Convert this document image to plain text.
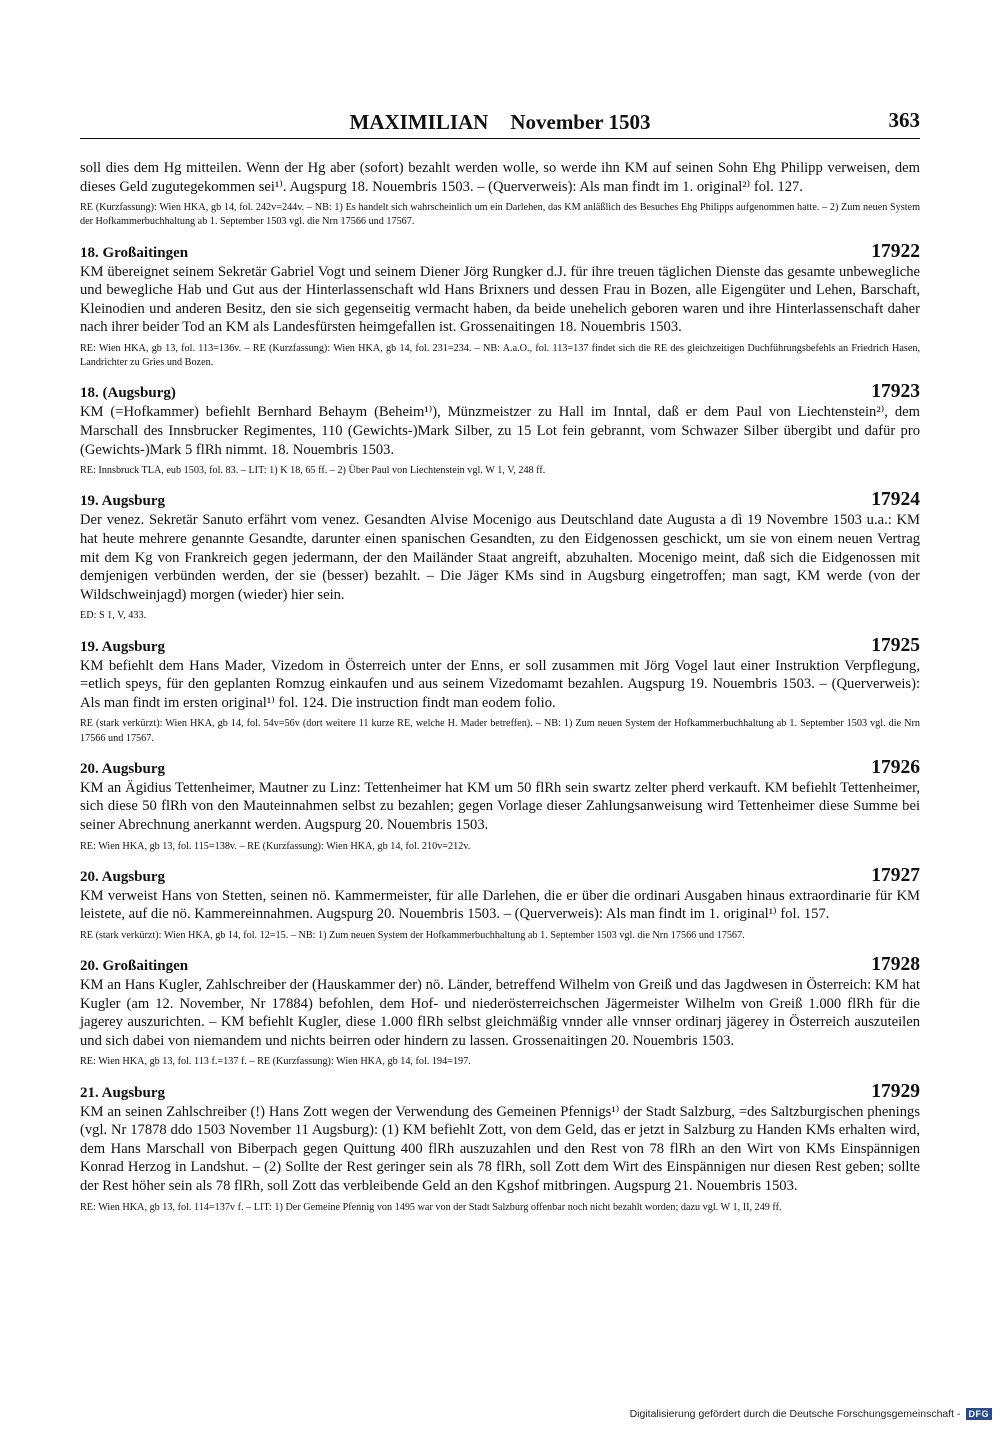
MAXIMILIAN November 1503	363

soll dies dem Hg mitteilen. Wenn der Hg aber (sofort) bezahlt werden wolle, so werde ihn KM auf seinen Sohn Ehg Philipp verweisen, dem dieses Geld zugutegekommen sei¹⁾. Augspurg 18. Nouembris 1503. – (Querverweis): Als man findt im 1. original²⁾ fol. 127.

RE (Kurzfassung): Wien HKA, gb 14, fol. 242v=244v. – NB: 1) Es handelt sich wahrscheinlich um ein Darlehen, das KM anläßlich des Besuches Ehg Philipps aufgenommen hatte. – 2) Zum neuen System der Hofkammerbuchhaltung ab 1. September 1503 vgl. die Nrn 17566 und 17567.

18. Großaitingen	17922

KM übereignet seinem Sekretär Gabriel Vogt und seinem Diener Jörg Rungker d.J. für ihre treuen täglichen Dienste das gesamte unbewegliche und bewegliche Hab und Gut aus der Hinterlassenschaft wld Hans Brixners und dessen Frau in Bozen, alle Eigengüter und Lehen, Barschaft, Kleinodien und anderen Besitz, den sie sich gegenseitig vermacht haben, da beide unehelich geboren waren und ihre Hinterlassenschaft daher nach ihrer beider Tod an KM als Landesfürsten heimgefallen ist. Grossenaitingen 18. Nouembris 1503.

RE: Wien HKA, gb 13, fol. 113=136v. – RE (Kurzfassung): Wien HKA, gb 14, fol. 231=234. – NB: A.a.O., fol. 113=137 findet sich die RE des gleichzeitigen Duchführungsbefehls an Friedrich Hasen, Landrichter zu Gries und Bozen.

18. (Augsburg)	17923

KM (=Hofkammer) befiehlt Bernhard Behaym (Beheim¹⁾), Münzmeistzer zu Hall im Inntal, daß er dem Paul von Liechtenstein²⁾, dem Marschall des Innsbrucker Regimentes, 110 (Gewichts-)Mark Silber, zu 15 Lot fein gebrannt, vom Schwazer Silber übergibt und dafür pro (Gewichts-)Mark 5 flRh nimmt. 18. Nouembris 1503.

RE: Innsbruck TLA, eub 1503, fol. 83. – LIT: 1) K 18, 65 ff. – 2) Über Paul von Liechtenstein vgl. W 1, V, 248 ff.

19. Augsburg	17924

Der venez. Sekretär Sanuto erfährt vom venez. Gesandten Alvise Mocenigo aus Deutschland date Augusta a dì 19 Novembre 1503 u.a.: KM hat heute mehrere genannte Gesandte, darunter einen spanischen Gesandten, zu den Eidgenossen geschickt, um sie von einem neuen Vertrag mit dem Kg von Frankreich gegen jedermann, der den Mailänder Staat angreift, abzuhalten. Mocenigo meint, daß sich die Eidgenossen mit demjenigen verbünden werden, der sie (besser) bezahlt. – Die Jäger KMs sind in Augsburg eingetroffen; man sagt, KM werde (von der Wildschweinjagd) morgen (wieder) hier sein.

ED: S 1, V, 433.

19. Augsburg	17925

KM befiehlt dem Hans Mader, Vizedom in Österreich unter der Enns, er soll zusammen mit Jörg Vogel laut einer Instruktion Verpflegung, =etlich speys, für den geplanten Romzug einkaufen und aus seinem Vizedomamt bezahlen. Augspurg 19. Nouembris 1503. – (Querverweis): Als man findt im ersten original¹⁾ fol. 124. Die instruction findt man eodem folio.

RE (stark verkürzt): Wien HKA, gb 14, fol. 54v=56v (dort weitere 11 kurze RE, welche H. Mader betreffen). – NB: 1) Zum neuen System der Hofkammerbuchhaltung ab 1. September 1503 vgl. die Nrn 17566 und 17567.

20. Augsburg	17926

KM an Ägidius Tettenheimer, Mautner zu Linz: Tettenheimer hat KM um 50 flRh sein swartz zelter pherd verkauft. KM befiehlt Tettenheimer, sich diese 50 flRh von den Mauteinnahmen selbst zu bezahlen; gegen Vorlage dieser Zahlungsanweisung wird Tettenheimer diese Summe bei seiner Abrechnung anerkannt werden. Augspurg 20. Nouembris 1503.

RE: Wien HKA, gb 13, fol. 115=138v. – RE (Kurzfassung): Wien HKA, gb 14, fol. 210v=212v.

20. Augsburg	17927

KM verweist Hans von Stetten, seinen nö. Kammermeister, für alle Darlehen, die er über die ordinari Ausgaben hinaus extraordinarie für KM leistete, auf die nö. Kammereinnahmen. Augspurg 20. Nouembris 1503. – (Querverweis): Als man findt im 1. original¹⁾ fol. 157.

RE (stark verkürzt): Wien HKA, gb 14, fol. 12=15. – NB: 1) Zum neuen System der Hofkammerbuchhaltung ab 1. September 1503 vgl. die Nrn 17566 und 17567.

20. Großaitingen	17928

KM an Hans Kugler, Zahlschreiber der (Hauskammer der) nö. Länder, betreffend Wilhelm von Greiß und das Jagdwesen in Österreich: KM hat Kugler (am 12. November, Nr 17884) befohlen, dem Hof- und niederösterreichschen Jägermeister Wilhelm von Greiß 1.000 flRh für die jagerey auszurichten. – KM befiehlt Kugler, diese 1.000 flRh selbst gleichmäßig vnnder alle vnnser ordinarj jägerey in Österreich auszuteilen und sich dabei von niemandem und nichts beirren oder hindern zu lassen. Grossenaitingen 20. Nouembris 1503.

RE: Wien HKA, gb 13, fol. 113 f.=137 f. – RE (Kurzfassung): Wien HKA, gb 14, fol. 194=197.

21. Augsburg	17929

KM an seinen Zahlschreiber (!) Hans Zott wegen der Verwendung des Gemeinen Pfennigs¹⁾ der Stadt Salzburg, =des Saltzburgischen phenings (vgl. Nr 17878 ddo 1503 November 11 Augsburg): (1) KM befiehlt Zott, von dem Geld, das er jetzt in Salzburg zu Handen KMs erhalten wird, dem Hans Marschall von Biberpach gegen Quittung 400 flRh auszuzahlen und den Rest von 78 flRh an den Wirt von KMs Einspännigen Konrad Herzog in Landshut. – (2) Sollte der Rest geringer sein als 78 flRh, soll Zott dem Wirt des Einspännigen nur diesen Rest geben; sollte der Rest höher sein als 78 flRh, soll Zott das verbleibende Geld an den Kgshof mitbringen. Augspurg 21. Nouembris 1503.

RE: Wien HKA, gb 13, fol. 114=137v f. – LIT: 1) Der Gemeine Pfennig von 1495 war von der Stadt Salzburg offenbar noch nicht bezahlt worden; dazu vgl. W 1, II, 249 ff.

Digitalisierung gefördert durch die Deutsche Forschungsgemeinschaft - DFG
